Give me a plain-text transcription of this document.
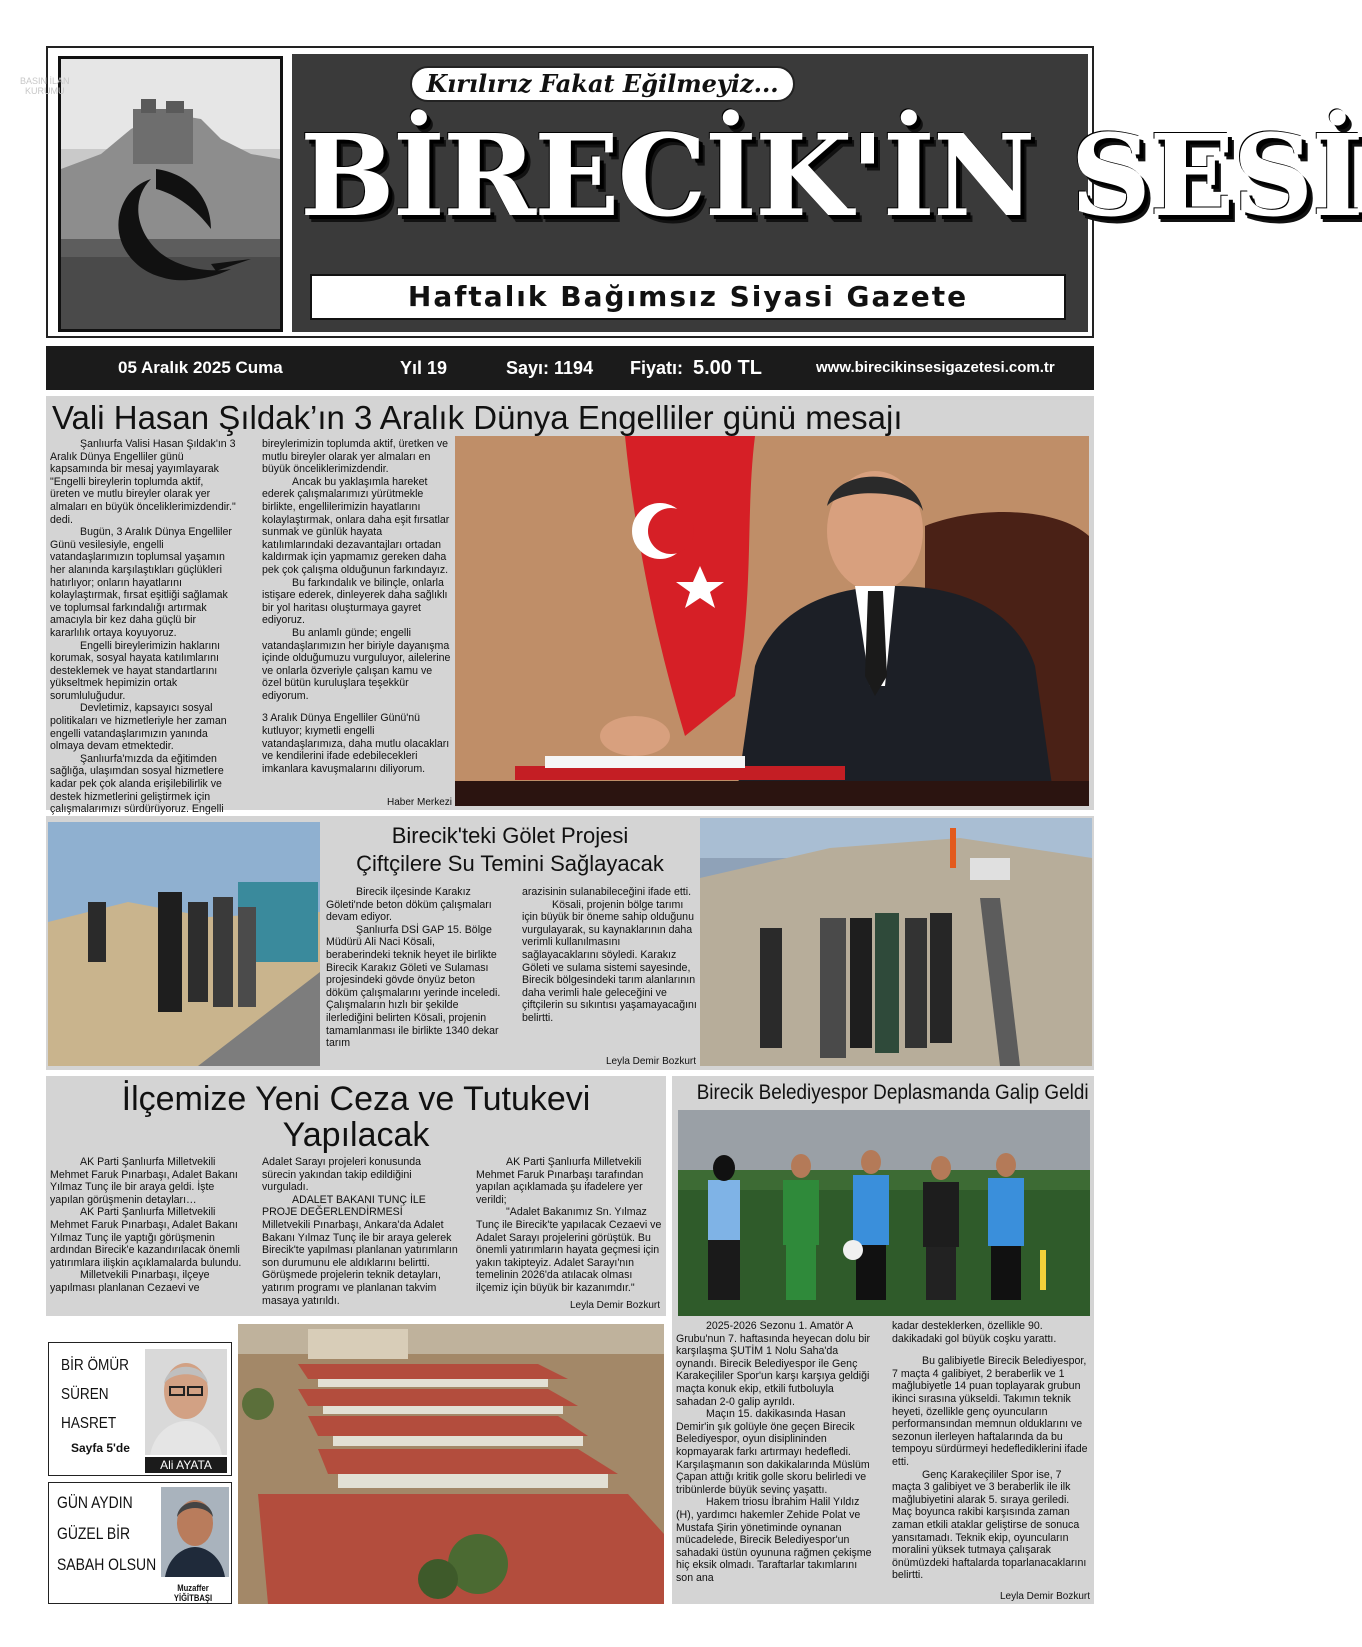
BİRECİK'İN SESİ
Kırılırız Fakat Eğilmeyiz...
Haftalık Bağımsız Siyasi Gazete
05 Aralık 2025 Cuma	Yıl 19	Sayı: 1194 Fiyatı: 5.00 TL	www.birecikinsesigazetesi.com.tr
Vali Hasan Şıldak’ın 3 Aralık Dünya Engelliler günü mesajı

Şanlıurfa Valisi Hasan Şıldak'ın 3 Aralık Dünya Engelliler günü kapsamında bir mesaj yayımlayarak "Engelli bireylerin toplumda aktif, üreten ve mutlu bireyler olarak yer almaları en büyük önceliklerimizdendir." dedi.

Bugün, 3 Aralık Dünya Engelliler Günü vesilesiyle, engelli vatandaşlarımızın toplumsal yaşamın her alanında karşılaştıkları güçlükleri hatırlıyor; onların hayatlarını kolaylaştırmak, fırsat eşitliği sağlamak ve toplumsal farkındalığı artırmak amacıyla bir kez daha güçlü bir kararlılık ortaya koyuyoruz.

Engelli bireylerimizin haklarını korumak, sosyal hayata katılımlarını desteklemek ve hayat standartlarını yükseltmek hepimizin ortak sorumluluğudur.

Devletimiz, kapsayıcı sosyal politikaları ve hizmetleriyle her zaman engelli vatandaşlarımızın yanında olmaya devam etmektedir.

Şanlıurfa'mızda da eğitimden sağlığa, ulaşımdan sosyal hizmetlere kadar pek çok alanda erişilebilirlik ve destek hizmetlerini geliştirmek için çalışmalarımızı sürdürüyoruz. Engelli

bireylerimizin toplumda aktif, üretken ve mutlu bireyler olarak yer almaları en büyük önceliklerimizdendir.

Ancak bu yaklaşımla hareket ederek çalışmalarımızı yürütmekle birlikte, engellilerimizin hayatlarını kolaylaştırmak, onlara daha eşit fırsatlar sunmak ve günlük hayata katılımlarındaki dezavantajları ortadan kaldırmak için yapmamız gereken daha pek çok çalışma olduğunun farkındayız.

Bu farkındalık ve bilinçle, onlarla istişare ederek, dinleyerek daha sağlıklı bir yol haritası oluşturmaya gayret ediyoruz.

Bu anlamlı günde; engelli vatandaşlarımızın her biriyle dayanışma içinde olduğumuzu vurguluyor, ailelerine ve onlarla özveriyle çalışan kamu ve özel bütün kuruluşlara teşekkür ediyorum.

3 Aralık Dünya Engelliler Günü'nü kutluyor; kıymetli engelli vatandaşlarımıza, daha mutlu olacakları ve kendilerini ifade edebilecekleri imkanlara kavuşmalarını diliyorum.

Haber Merkezi
Birecik'teki Gölet Projesi
Çiftçilere Su Temini Sağlayacak

Birecik ilçesinde Karakız Göleti'nde beton döküm çalışmaları devam ediyor.

Şanlıurfa DSİ GAP 15. Bölge Müdürü Ali Naci Kösali, beraberindeki teknik heyet ile birlikte Birecik Karakız Göleti ve Sulaması projesindeki gövde önyüz beton döküm çalışmalarını yerinde inceledi. Çalışmaların hızlı bir şekilde ilerlediğini belirten Kösali, projenin tamamlanması ile birlikte 1340 dekar tarım

arazisinin sulanabileceğini ifade etti.

Kösali, projenin bölge tarımı için büyük bir öneme sahip olduğunu vurgulayarak, su kaynaklarının daha verimli kullanılmasını sağlayacaklarını söyledi. Karakız Göleti ve sulama sistemi sayesinde, Birecik bölgesindeki tarım alanlarının daha verimli hale geleceğini ve çiftçilerin su sıkıntısı yaşamayacağını belirtti.

Leyla Demir Bozkurt
İlçemize Yeni Ceza ve Tutukevi
Yapılacak

AK Parti Şanlıurfa Milletvekili Mehmet Faruk Pınarbaşı, Adalet Bakanı Yılmaz Tunç ile bir araya geldi. İşte yapılan görüşmenin detayları…

AK Parti Şanlıurfa Milletvekili Mehmet Faruk Pınarbaşı, Adalet Bakanı Yılmaz Tunç ile yaptığı görüşmenin ardından Birecik'e kazandırılacak önemli yatırımlara ilişkin açıklamalarda bulundu.

Milletvekili Pınarbaşı, ilçeye yapılması planlanan Cezaevi ve

Adalet Sarayı projeleri konusunda sürecin yakından takip edildiğini vurguladı.

ADALET BAKANI TUNÇ İLE PROJE DEĞERLENDİRMESİ

Milletvekili Pınarbaşı, Ankara'da Adalet Bakanı Yılmaz Tunç ile bir araya gelerek Birecik'te yapılması planlanan yatırımların son durumunu ele aldıklarını belirtti. Görüşmede projelerin teknik detayları, yatırım programı ve planlanan takvim masaya yatırıldı.

AK Parti Şanlıurfa Milletvekili Mehmet Faruk Pınarbaşı tarafından yapılan açıklamada şu ifadelere yer verildi;

"Adalet Bakanımız Sn. Yılmaz Tunç ile Birecik'te yapılacak Cezaevi ve Adalet Sarayı projelerini görüştük. Bu önemli yatırımların hayata geçmesi için yakın takipteyiz. Adalet Sarayı'nın temelinin 2026'da atılacak olması ilçemiz için büyük bir kazanımdır."

Leyla Demir Bozkurt
BİR ÖMÜR
SÜREN
HASRET
Sayfa 5'de
Ali AYATA
GÜN AYDIN
GÜZEL BİR
SABAH OLSUN
Muzaffer YİĞİTBAŞI
Birecik Belediyespor Deplasmanda Galip Geldi

2025-2026 Sezonu 1. Amatör A Grubu'nun 7. haftasında heyecan dolu bir karşılaşma ŞUTİM 1 Nolu Saha'da oynandı. Birecik Belediyespor ile Genç Karakeçililer Spor'un karşı karşıya geldiği maçta konuk ekip, etkili futboluyla sahadan 2-0 galip ayrıldı.

Maçın 15. dakikasında Hasan Demir'in şık golüyle öne geçen Birecik Belediyespor, oyun disiplininden kopmayarak farkı artırmayı hedefledi. Karşılaşmanın son dakikalarında Müslüm Çapan attığı kritik golle skoru belirledi ve tribünlerde büyük sevinç yaşattı.

Hakem triosu İbrahim Halil Yıldız (H), yardımcı hakemler Zehide Polat ve Mustafa Şirin yönetiminde oynanan mücadelede, Birecik Belediyespor'un sahadaki üstün oyununa rağmen çekişme hiç eksik olmadı. Taraftarlar takımlarını son ana

kadar desteklerken, özellikle 90. dakikadaki gol büyük coşku yarattı.

Bu galibiyetle Birecik Belediyespor, 7 maçta 4 galibiyet, 2 beraberlik ve 1 mağlubiyetle 14 puan toplayarak grubun ikinci sırasına yükseldi. Takımın teknik heyeti, özellikle genç oyuncuların performansından memnun olduklarını ve sezonun ilerleyen haftalarında da bu tempoyu sürdürmeyi hedeflediklerini ifade etti.

Genç Karakeçililer Spor ise, 7 maçta 3 galibiyet ve 3 beraberlik ile ilk mağlubiyetini alarak 5. sıraya geriledi. Maç boyunca rakibi karşısında zaman zaman etkili ataklar geliştirse de sonuca yansıtamadı. Teknik ekip, oyuncuların moralini yüksek tutmaya çalışarak önümüzdeki haftalarda toparlanacaklarını belirtti.

Leyla Demir Bozkurt
BASIN İLAN
KURUMU
